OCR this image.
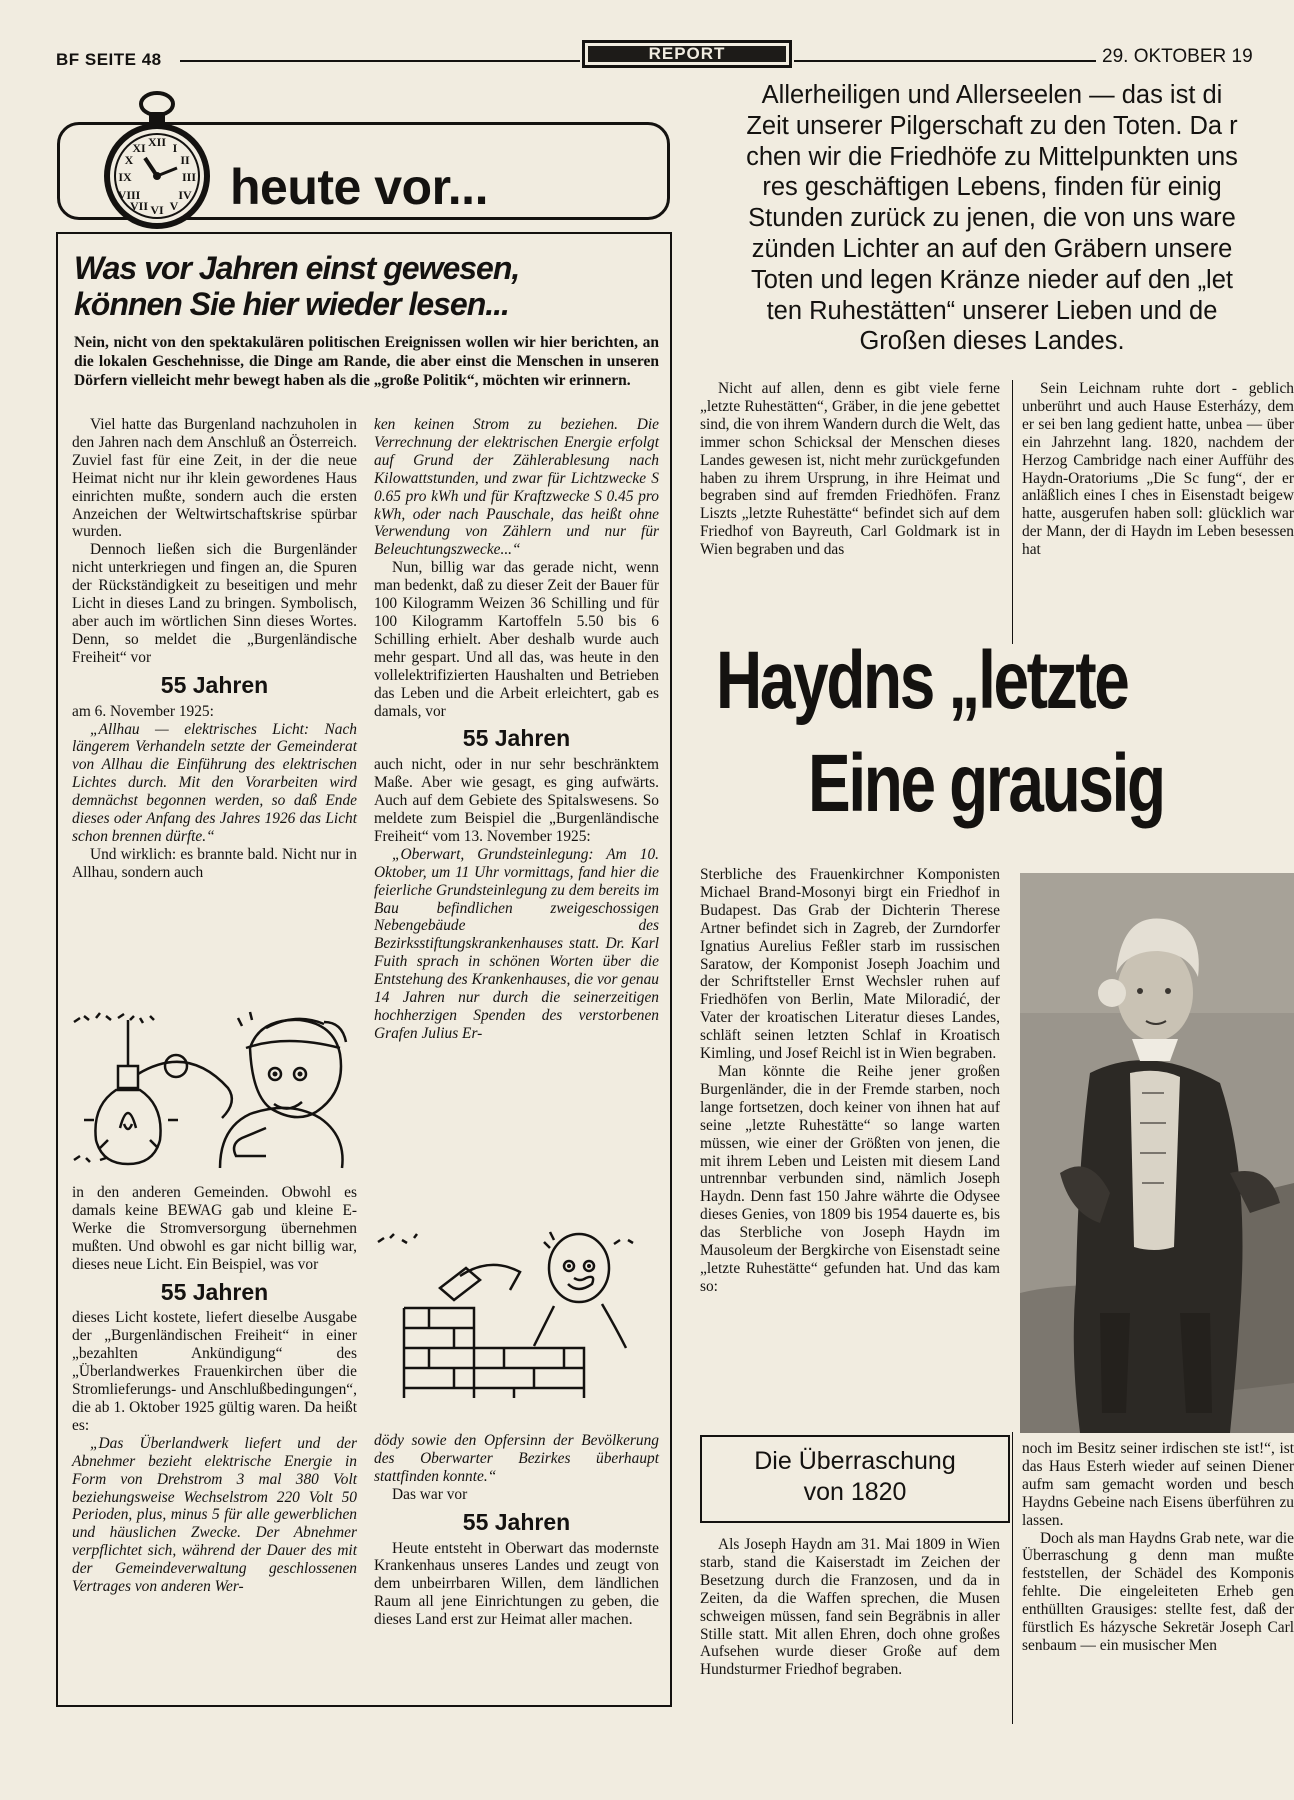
BF SEITE 48	REPORT	29. OKTOBER 19
XII
III
VI
IX
I
II
IV
V
VII
VIII
X
XI
heute vor...
Was vor Jahren einst gewesen,
können Sie hier wieder lesen...
Nein, nicht von den spektakulären politischen Ereignissen wollen wir hier berichten, an die lokalen Geschehnisse, die Dinge am Rande, die aber einst die Menschen in unseren Dörfern vielleicht mehr bewegt haben als die „große Politik“, möchten wir erinnern.

Viel hatte das Burgenland nachzuholen in den Jahren nach dem Anschluß an Österreich. Zuviel fast für eine Zeit, in der die neue Heimat nicht nur ihr klein gewordenes Haus einrichten mußte, sondern auch die ersten Anzeichen der Weltwirtschaftskrise spürbar wurden.

Dennoch ließen sich die Burgenländer nicht unterkriegen und fingen an, die Spuren der Rückständigkeit zu beseitigen und mehr Licht in dieses Land zu bringen. Symbolisch, aber auch im wörtlichen Sinn dieses Wortes. Denn, so meldet die „Burgenländische Freiheit“ vor

55 Jahren

am 6. November 1925:

„Allhau — elektrisches Licht: Nach längerem Verhandeln setzte der Gemeinderat von Allhau die Einführung des elektrischen Lichtes durch. Mit den Vorarbeiten wird demnächst begonnen werden, so daß Ende dieses oder Anfang des Jahres 1926 das Licht schon brennen dürfte.“

Und wirklich: es brannte bald. Nicht nur in Allhau, sondern auch

in den anderen Gemeinden. Obwohl es damals keine BEWAG gab und kleine E-Werke die Stromversorgung übernehmen mußten. Und obwohl es gar nicht billig war, dieses neue Licht. Ein Beispiel, was vor

55 Jahren

dieses Licht kostete, liefert dieselbe Ausgabe der „Burgenländischen Freiheit“ in einer „bezahlten Ankündigung“ des „Überlandwerkes Frauenkirchen über die Stromlieferungs- und Anschlußbedingungen“, die ab 1. Oktober 1925 gültig waren. Da heißt es:

„Das Überlandwerk liefert und der Abnehmer bezieht elektrische Energie in Form von Drehstrom 3 mal 380 Volt beziehungsweise Wechselstrom 220 Volt 50 Perioden, plus, minus 5 für alle gewerblichen und häuslichen Zwecke. Der Abnehmer verpflichtet sich, während der Dauer des mit der Gemeindeverwaltung geschlossenen Vertrages von anderen Wer-

ken keinen Strom zu beziehen. Die Verrechnung der elektrischen Energie erfolgt auf Grund der Zählerablesung nach Kilowattstunden, und zwar für Lichtzwecke S 0.65 pro kWh und für Kraftzwecke S 0.45 pro kWh, oder nach Pauschale, das heißt ohne Verwendung von Zählern und nur für Beleuchtungszwecke...“

Nun, billig war das gerade nicht, wenn man bedenkt, daß zu dieser Zeit der Bauer für 100 Kilogramm Weizen 36 Schilling und für 100 Kilogramm Kartoffeln 5.50 bis 6 Schilling erhielt. Aber deshalb wurde auch mehr gespart. Und all das, was heute in den vollelektrifizierten Haushalten und Betrieben das Leben und die Arbeit erleichtert, gab es damals, vor

55 Jahren

auch nicht, oder in nur sehr beschränktem Maße. Aber wie gesagt, es ging aufwärts. Auch auf dem Gebiete des Spitalswesens. So meldete zum Beispiel die „Burgenländische Freiheit“ vom 13. November 1925:

„Oberwart, Grundsteinlegung: Am 10. Oktober, um 11 Uhr vormittags, fand hier die feierliche Grundsteinlegung zu dem bereits im Bau befindlichen zweigeschossigen Nebengebäude des Bezirksstiftungskrankenhauses statt. Dr. Karl Fuith sprach in schönen Worten über die Entstehung des Krankenhauses, die vor genau 14 Jahren nur durch die seinerzeitigen hochherzigen Spenden des verstorbenen Grafen Julius Er-

dödy sowie den Opfersinn der Bevölkerung des Oberwarter Bezirkes überhaupt stattfinden konnte.“

Das war vor

55 Jahren

Heute entsteht in Oberwart das modernste Krankenhaus unseres Landes und zeugt von dem unbeirrbaren Willen, dem ländlichen Raum all jene Einrichtungen zu geben, die dieses Land erst zur Heimat aller machen.

Allerheiligen und Allerseelen — das ist di
Zeit unserer Pilgerschaft zu den Toten. Da r
chen wir die Friedhöfe zu Mittelpunkten uns
res geschäftigen Lebens, finden für einig
Stunden zurück zu jenen, die von uns ware
zünden Lichter an auf den Gräbern unsere
Toten und legen Kränze nieder auf den „let
ten Ruhestätten“ unserer Lieben und de
Großen dieses Landes.

Nicht auf allen, denn es gibt viele ferne „letzte Ruhestätten“, Gräber, in die jene gebettet sind, die von ihrem Wandern durch die Welt, das immer schon Schicksal der Menschen dieses Landes gewesen ist, nicht mehr zurückgefunden haben zu ihrem Ursprung, in ihre Heimat und begraben sind auf fremden Friedhöfen. Franz Liszts „letzte Ruhestätte“ befindet sich auf dem Friedhof von Bayreuth, Carl Goldmark ist in Wien begraben und das

Sein Leichnam ruhte dort - geblich unberührt und auch Hause Esterházy, dem er sei ben lang gedient hatte, unbea — über ein Jahrzehnt lang. 1820, nachdem der Herzog Cambridge nach einer Aufführ des Haydn-Oratoriums „Die Sc fung“, der er anläßlich eines I ches in Eisenstadt beigew hatte, ausgerufen haben soll: glücklich war der Mann, der di Haydn im Leben besessen hat

Haydns „letzte
Eine grausig

Sterbliche des Frauenkirchner Komponisten Michael Brand-Mosonyi birgt ein Friedhof in Budapest. Das Grab der Dichterin Therese Artner befindet sich in Zagreb, der Zurndorfer Ignatius Aurelius Feßler starb im russischen Saratow, der Komponist Joseph Joachim und der Schriftsteller Ernst Wechsler ruhen auf Friedhöfen von Berlin, Mate Miloradić, der Vater der kroatischen Literatur dieses Landes, schläft seinen letzten Schlaf in Kroatisch Kimling, und Josef Reichl ist in Wien begraben.

Man könnte die Reihe jener großen Burgenländer, die in der Fremde starben, noch lange fortsetzen, doch keiner von ihnen hat auf seine „letzte Ruhestätte“ so lange warten müssen, wie einer der Größten von jenen, die mit ihrem Leben und Leisten mit diesem Land untrennbar verbunden sind, nämlich Joseph Haydn. Denn fast 150 Jahre währte die Odysee dieses Genies, von 1809 bis 1954 dauerte es, bis das Sterbliche von Joseph Haydn im Mausoleum der Bergkirche von Eisenstadt seine „letzte Ruhestätte“ gefunden hat. Und das kam so:

Die Überraschung
von 1820

Als Joseph Haydn am 31. Mai 1809 in Wien starb, stand die Kaiserstadt im Zeichen der Besetzung durch die Franzosen, und da in Zeiten, da die Waffen sprechen, die Musen schweigen müssen, fand sein Begräbnis in aller Stille statt. Mit allen Ehren, doch ohne großes Aufsehen wurde dieser Große auf dem Hundsturmer Friedhof begraben.

noch im Besitz seiner irdischen ste ist!“, ist das Haus Esterh wieder auf seinen Diener aufm sam gemacht worden und besch Haydns Gebeine nach Eisens überführen zu lassen.

Doch als man Haydns Grab nete, war die Überraschung g denn man mußte feststellen, der Schädel des Komponis fehlte. Die eingeleiteten Erheb gen enthüllten Grausiges: stellte fest, daß der fürstlich Es házysche Sekretär Joseph Carl senbaum — ein musischer Men
